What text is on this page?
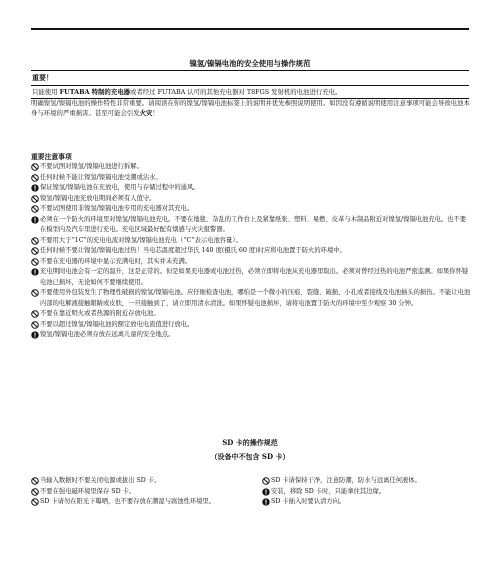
镍氢/镍镉电池的安全使用与操作规范
重要！
只能使用 FUTABA 特制的充电器或者经过 FUTABA 认可的其他充电器对 T8FGS 发射机的电池进行充电。
明确镍氢/镍镉电池的操作特性非常重要。请阅读在你的镍氢/镍镉电池标签上的说明并优先参照说明使用。如因没有遵循说明使用注意事项可能会导致电池本身与环境的严重损害。甚至可能会引发火灾！
重要注意事项
不要试图对镍氢/镍镉电池进行拆解。
任何时候不能让镍氢/镍镉电池受潮或沾水。
保证镍氢/镍镉电池在充放电，使用与存储过程中的通风。
镍氢/镍镉电池充放电期间必须有人值守。
不要试图使用非镍氢/镍镉电池专用的充电器对其充电。
必须在一个防火的环境里对镍氢/镍镉电池充电。不要在地毯、杂乱的工作台上及紧靠纸张、塑料、易燃、皮革与木制品附近对镍氢/镍镉电池充电。也不要在模型内及汽车里进行充电。充电区域最好配有烟感与火灾报警器。
不要用大于“1C”的充电电流对镍氢/镍镉电池充电（“C”表示电池容量）。
任何时候不要让镍氢/镍镉电池过热！当电芯温度超过华氏 140 度(摄氏 60 度)时应将电池置于防火的环境中。
不要在充电器的环境中显示充满电时，其实并未充满。
充电期间电池会有一定的温升，这是正常的。但是如果充电器或电池过热，必须立即将电池从充电器里取出。必须对曾经过热的电池严密监测。如果你怀疑电池已损坏，无论如何不要继续使用。
不要使用外包装发生了物理性破损的镍氢/镍镉电池。应仔细检查电池，哪怕是一个微小的压痕、裂缝、破损、小孔或者接线及电池插头的损伤。不能让电池内部的电解液接触眼睛或皮肤，一旦接触到了，请立即用清水清洗。如果怀疑电池损坏，请将电池置于防火的环境中至少观察 30 分钟。
不要在靠近明火或者热源的附近存放电池。
不要以超过镍氢/镍镉电池的额定放电电流值进行放电。
镍氢/镍镉电池必须存放在远离儿童的安全地点。
SD 卡的操作规范
（设备中不包含 SD 卡）
当输入数据时不要关闭电源或拔出 SD 卡。
不要在强电磁环境里保存 SD 卡。
SD 卡请勿在阳光下曝晒，也不要存放在潮湿与腐蚀性环境里。
SD 卡请保持干净，注意防潮，防水与远离任何液体。
安装，移除 SD 卡时，只能拿住其边缘。
SD 卡插入时要认清方向。
试读	试读	试读	试读	试读
试读	试读	试读	试读
试读	试读	试读	试读
试读	试读	试读	试读
